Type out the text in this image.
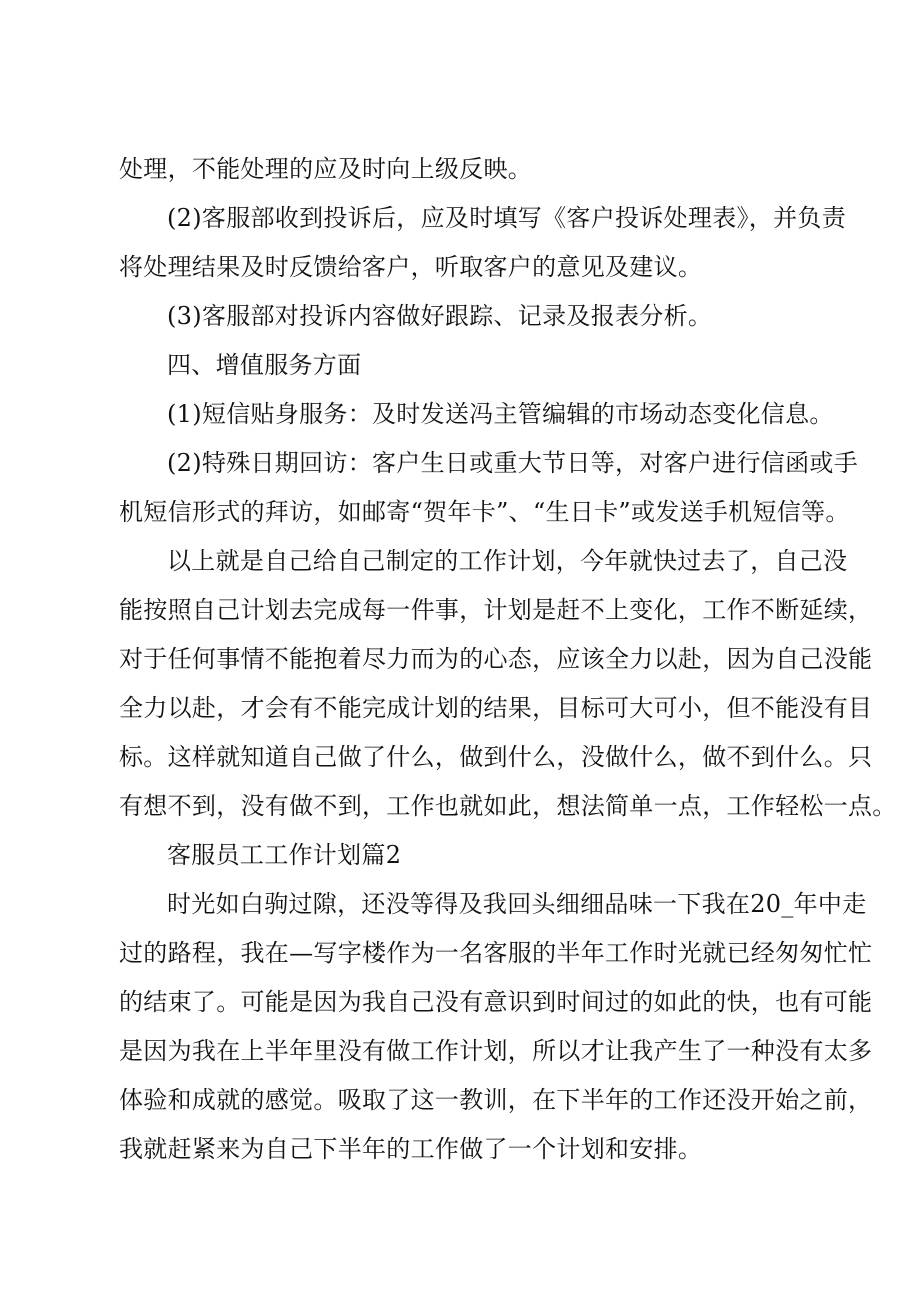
处理，不能处理的应及时向上级反映。
(2)客服部收到投诉后，应及时填写《客户投诉处理表》，并负责
将处理结果及时反馈给客户，听取客户的意见及建议。
(3)客服部对投诉内容做好跟踪、记录及报表分析。
四、增值服务方面
(1)短信贴身服务：及时发送冯主管编辑的市场动态变化信息。
(2)特殊日期回访：客户生日或重大节日等，对客户进行信函或手
机短信形式的拜访，如邮寄“贺年卡”、“生日卡”或发送手机短信等。
以上就是自己给自己制定的工作计划，今年就快过去了，自己没
能按照自己计划去完成每一件事，计划是赶不上变化，工作不断延续，
对于任何事情不能抱着尽力而为的心态，应该全力以赴，因为自己没能
全力以赴，才会有不能完成计划的结果，目标可大可小，但不能没有目
标。这样就知道自己做了什么，做到什么，没做什么，做不到什么。只
有想不到，没有做不到，工作也就如此，想法简单一点，工作轻松一点。
客服员工工作计划篇2
时光如白驹过隙，还没等得及我回头细细品味一下我在20_年中走
过的路程，我在—写字楼作为一名客服的半年工作时光就已经匆匆忙忙
的结束了。可能是因为我自己没有意识到时间过的如此的快，也有可能
是因为我在上半年里没有做工作计划，所以才让我产生了一种没有太多
体验和成就的感觉。吸取了这一教训，在下半年的工作还没开始之前，
我就赶紧来为自己下半年的工作做了一个计划和安排。
